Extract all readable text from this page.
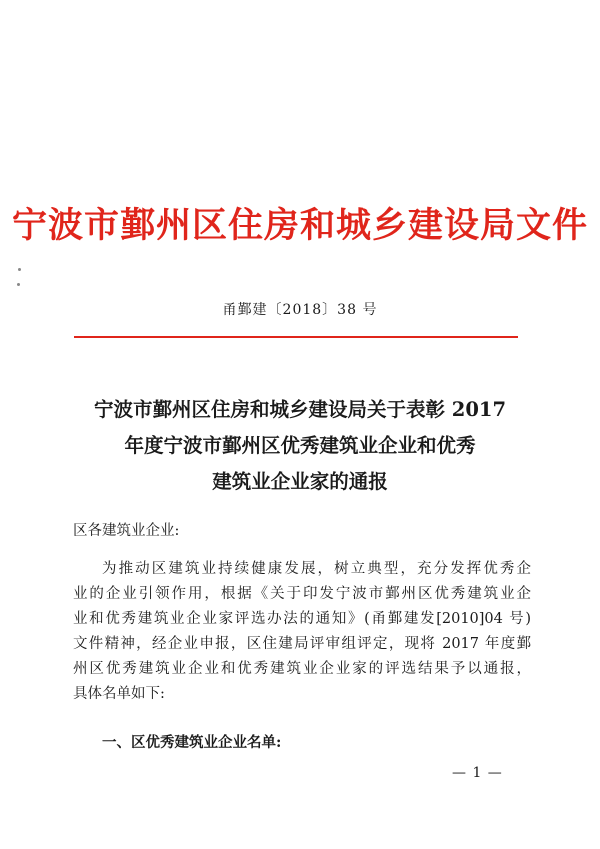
宁波市鄞州区住房和城乡建设局文件
甬鄞建〔2018〕38 号
宁波市鄞州区住房和城乡建设局关于表彰 2017
年度宁波市鄞州区优秀建筑业企业和优秀
建筑业企业家的通报
区各建筑业企业:
为推动区建筑业持续健康发展，树立典型，充分发挥优秀企
业的企业引领作用，根据《关于印发宁波市鄞州区优秀建筑业企
业和优秀建筑业企业家评选办法的通知》(甬鄞建发[2010]04 号)
文件精神，经企业申报，区住建局评审组评定，现将 2017 年度鄞
州区优秀建筑业企业和优秀建筑业企业家的评选结果予以通报，
具体名单如下:
一、区优秀建筑业企业名单:
— 1 —
